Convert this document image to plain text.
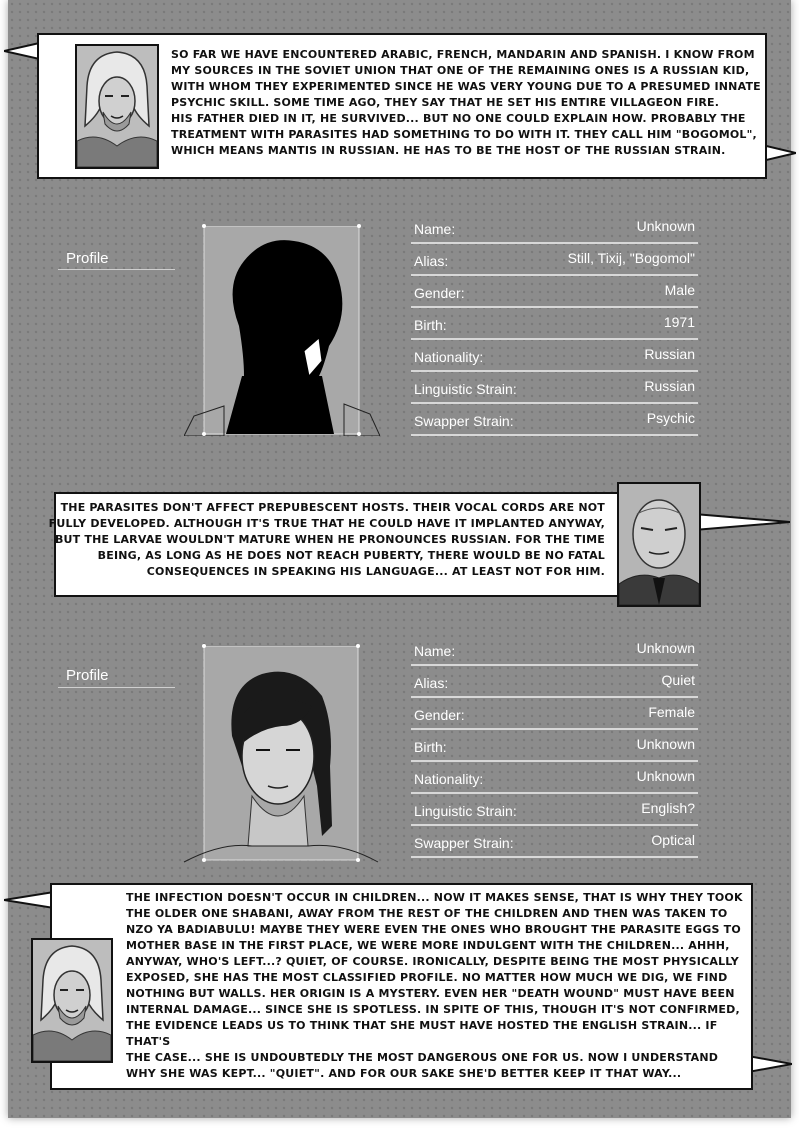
SO FAR WE HAVE ENCOUNTERED ARABIC, FRENCH, MANDARIN AND SPANISH. I KNOW FROM
MY SOURCES IN THE SOVIET UNION THAT ONE OF THE REMAINING ONES IS A RUSSIAN KID,
WITH WHOM THEY EXPERIMENTED SINCE HE WAS VERY YOUNG DUE TO A PRESUMED INNATE
PSYCHIC SKILL. SOME TIME AGO, THEY SAY THAT HE SET HIS ENTIRE VILLAGEON FIRE.
HIS FATHER DIED IN IT, HE SURVIVED... BUT NO ONE COULD EXPLAIN HOW. PROBABLY THE
TREATMENT WITH PARASITES HAD SOMETHING TO DO WITH IT. THEY CALL HIM "BOGOMOL",
WHICH MEANS MANTIS IN RUSSIAN. HE HAS TO BE THE HOST OF THE RUSSIAN STRAIN.
Profile
Name:	Unknown
Alias:	Still, Tixij, "Bogomol"
Gender:	Male
Birth:	1971
Nationality:	Russian
Linguistic Strain:	Russian
Swapper Strain:	Psychic
THE PARASITES DON'T AFFECT PREPUBESCENT HOSTS. THEIR VOCAL CORDS ARE NOT
FULLY DEVELOPED. ALTHOUGH IT'S TRUE THAT HE COULD HAVE IT IMPLANTED ANYWAY,
BUT THE LARVAE WOULDN'T MATURE WHEN HE PRONOUNCES RUSSIAN. FOR THE TIME
BEING, AS LONG AS HE DOES NOT REACH PUBERTY, THERE WOULD BE NO FATAL
CONSEQUENCES IN SPEAKING HIS LANGUAGE... AT LEAST NOT FOR HIM.
Profile
Name:	Unknown
Alias:	Quiet
Gender:	Female
Birth:	Unknown
Nationality:	Unknown
Linguistic Strain:	English?
Swapper Strain:	Optical
THE INFECTION DOESN'T OCCUR IN CHILDREN... NOW IT MAKES SENSE, THAT IS WHY THEY TOOK
THE OLDER ONE SHABANI, AWAY FROM THE REST OF THE CHILDREN AND THEN WAS TAKEN TO
NZO YA BADIABULU! MAYBE THEY WERE EVEN THE ONES WHO BROUGHT THE PARASITE EGGS TO
MOTHER BASE IN THE FIRST PLACE, WE WERE MORE INDULGENT WITH THE CHILDREN... AHHH,
ANYWAY, WHO'S LEFT...? QUIET, OF COURSE. IRONICALLY, DESPITE BEING THE MOST PHYSICALLY
EXPOSED, SHE HAS THE MOST CLASSIFIED PROFILE. NO MATTER HOW MUCH WE DIG, WE FIND
NOTHING BUT WALLS. HER ORIGIN IS A MYSTERY. EVEN HER "DEATH WOUND" MUST HAVE BEEN
INTERNAL DAMAGE... SINCE SHE IS SPOTLESS. IN SPITE OF THIS, THOUGH IT'S NOT CONFIRMED,
THE EVIDENCE LEADS US TO THINK THAT SHE MUST HAVE HOSTED THE ENGLISH STRAIN... IF THAT'S
THE CASE... SHE IS UNDOUBTEDLY THE MOST DANGEROUS ONE FOR US. NOW I UNDERSTAND
WHY SHE WAS KEPT... "QUIET". AND FOR OUR SAKE SHE'D BETTER KEEP IT THAT WAY...
